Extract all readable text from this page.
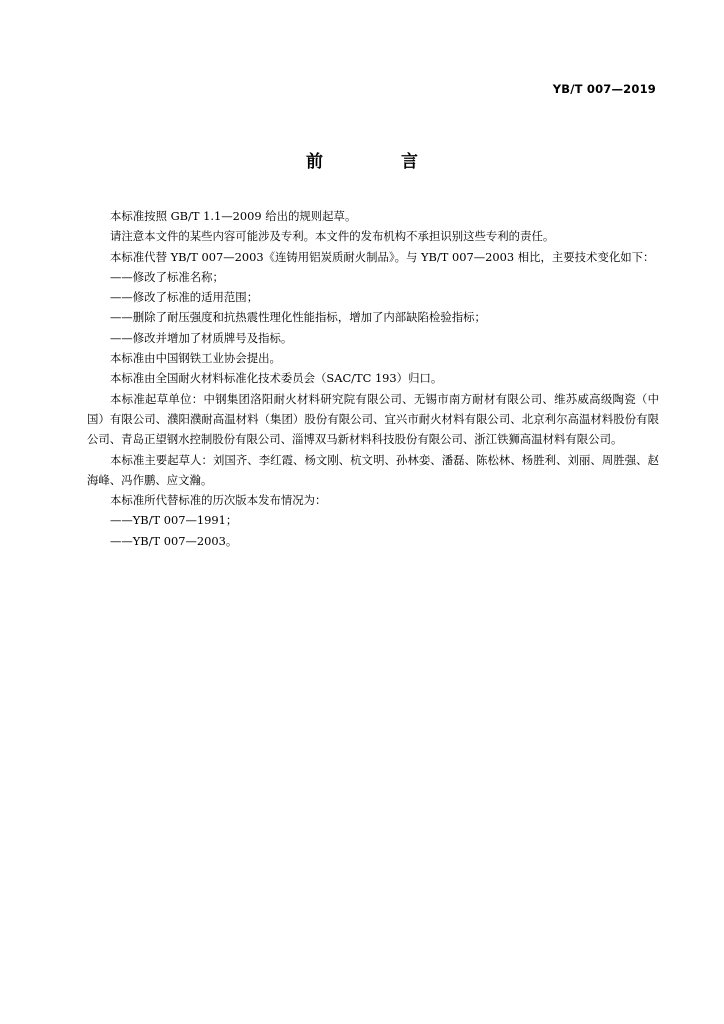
YB/T 007—2019
前 言

本标准按照 GB/T 1.1—2009 给出的规则起草。

请注意本文件的某些内容可能涉及专利。本文件的发布机构不承担识别这些专利的责任。

本标准代替 YB/T 007—2003《连铸用铝炭质耐火制品》。与 YB/T 007—2003 相比，主要技术变化如下：

——修改了标准名称；

——修改了标准的适用范围；

——删除了耐压强度和抗热震性理化性能指标，增加了内部缺陷检验指标；

——修改并增加了材质牌号及指标。

本标准由中国钢铁工业协会提出。

本标准由全国耐火材料标准化技术委员会（SAC/TC 193）归口。

本标准起草单位：中钢集团洛阳耐火材料研究院有限公司、无锡市南方耐材有限公司、维苏威高级陶瓷（中国）有限公司、濮阳濮耐高温材料（集团）股份有限公司、宜兴市耐火材料有限公司、北京利尔高温材料股份有限公司、青岛正望钢水控制股份有限公司、淄博双马新材料科技股份有限公司、浙江铁狮高温材料有限公司。

本标准主要起草人：刘国齐、李红霞、杨文刚、杭文明、孙林娈、潘磊、陈松林、杨胜利、刘丽、周胜强、赵海峰、冯作鹏、应文瀚。

本标准所代替标准的历次版本发布情况为：

——YB/T 007—1991；

——YB/T 007—2003。
